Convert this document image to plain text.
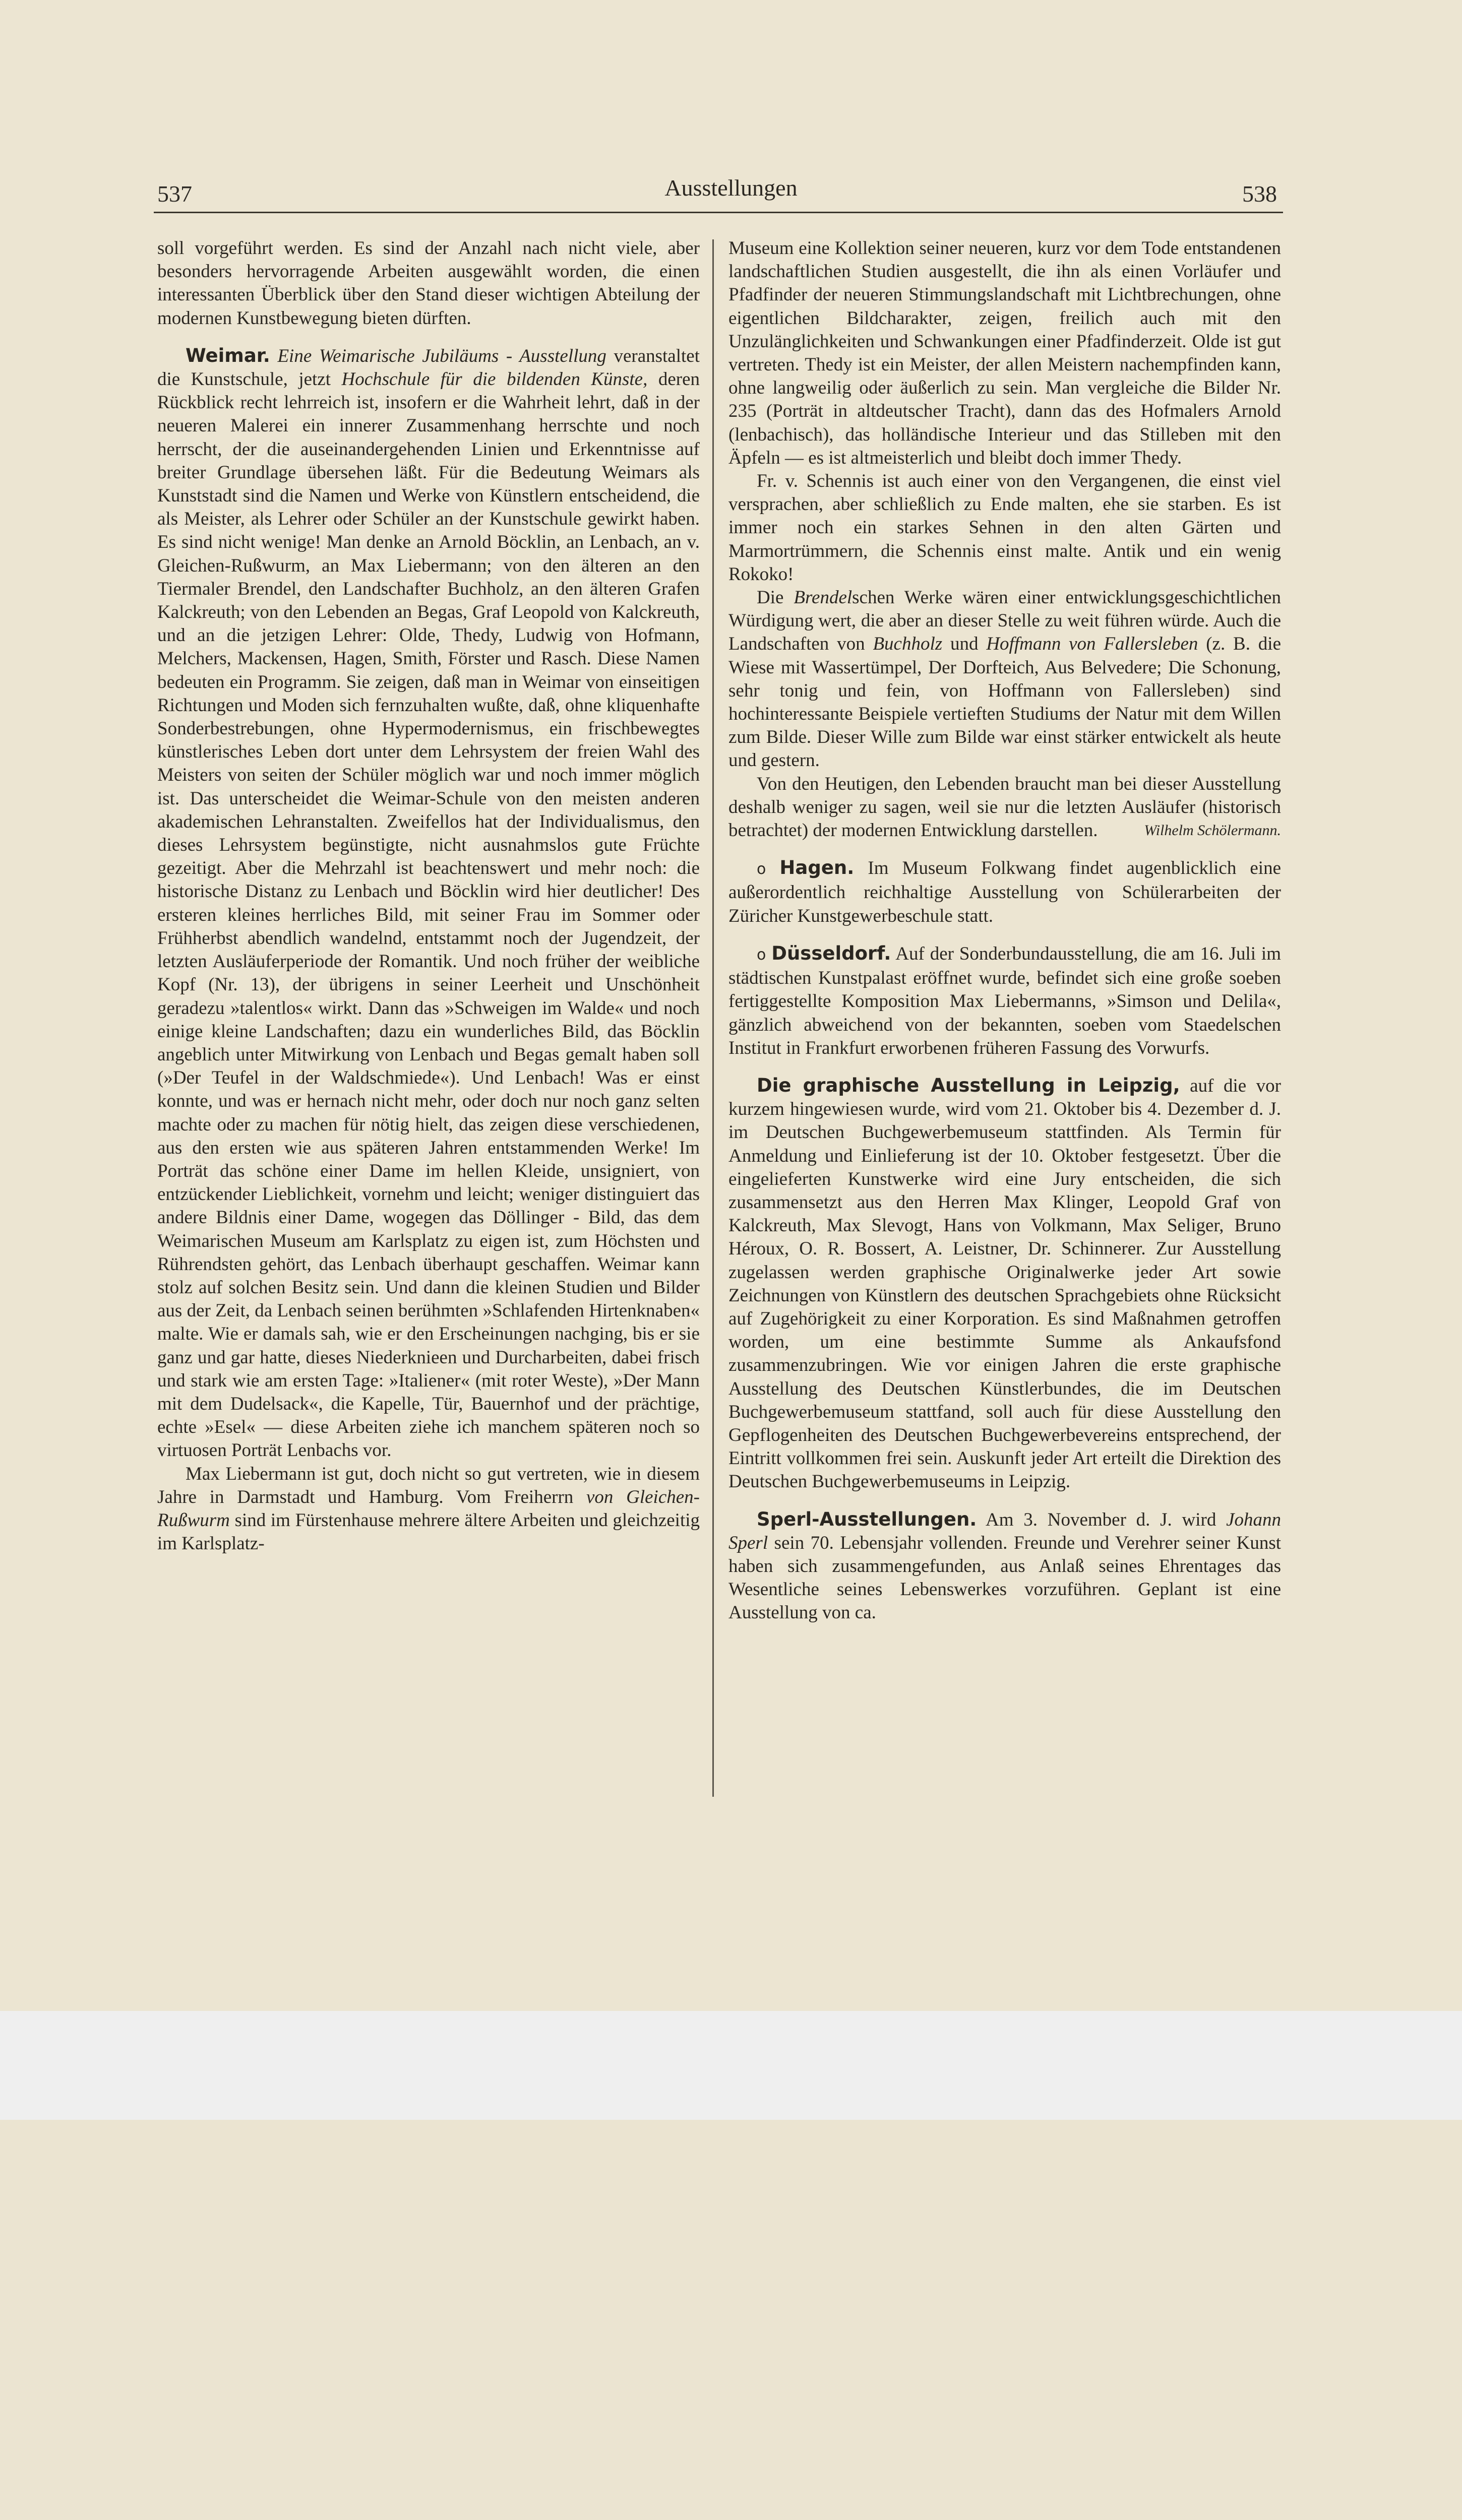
537	Ausstellungen	538

soll vorgeführt werden. Es sind der Anzahl nach nicht viele, aber besonders hervorragende Arbeiten ausgewählt worden, die einen interessanten Überblick über den Stand dieser wichtigen Abteilung der modernen Kunstbewegung bieten dürften.

Weimar. Eine Weimarische Jubiläums - Ausstellung veranstaltet die Kunstschule, jetzt Hochschule für die bildenden Künste, deren Rückblick recht lehrreich ist, insofern er die Wahrheit lehrt, daß in der neueren Malerei ein innerer Zusammenhang herrschte und noch herrscht, der die auseinandergehenden Linien und Erkenntnisse auf breiter Grundlage übersehen läßt. Für die Bedeutung Weimars als Kunststadt sind die Namen und Werke von Künstlern entscheidend, die als Meister, als Lehrer oder Schüler an der Kunstschule gewirkt haben. Es sind nicht wenige! Man denke an Arnold Böcklin, an Lenbach, an v. Gleichen-Rußwurm, an Max Liebermann; von den älteren an den Tiermaler Brendel, den Landschafter Buchholz, an den älteren Grafen Kalckreuth; von den Lebenden an Begas, Graf Leopold von Kalckreuth, und an die jetzigen Lehrer: Olde, Thedy, Ludwig von Hofmann, Melchers, Mackensen, Hagen, Smith, Förster und Rasch. Diese Namen bedeuten ein Programm. Sie zeigen, daß man in Weimar von einseitigen Richtungen und Moden sich fernzuhalten wußte, daß, ohne kliquenhafte Sonderbestrebungen, ohne Hypermodernismus, ein frischbewegtes künstlerisches Leben dort unter dem Lehrsystem der freien Wahl des Meisters von seiten der Schüler möglich war und noch immer möglich ist. Das unterscheidet die Weimar-Schule von den meisten anderen akademischen Lehranstalten. Zweifellos hat der Individualismus, den dieses Lehrsystem begünstigte, nicht ausnahmslos gute Früchte gezeitigt. Aber die Mehrzahl ist beachtenswert und mehr noch: die historische Distanz zu Lenbach und Böcklin wird hier deutlicher! Des ersteren kleines herrliches Bild, mit seiner Frau im Sommer oder Frühherbst abendlich wandelnd, entstammt noch der Jugendzeit, der letzten Ausläuferperiode der Romantik. Und noch früher der weibliche Kopf (Nr. 13), der übrigens in seiner Leerheit und Unschönheit geradezu »talentlos« wirkt. Dann das »Schweigen im Walde« und noch einige kleine Landschaften; dazu ein wunderliches Bild, das Böcklin angeblich unter Mitwirkung von Lenbach und Begas gemalt haben soll (»Der Teufel in der Waldschmiede«). Und Lenbach! Was er einst konnte, und was er hernach nicht mehr, oder doch nur noch ganz selten machte oder zu machen für nötig hielt, das zeigen diese verschiedenen, aus den ersten wie aus späteren Jahren entstammenden Werke! Im Porträt das schöne einer Dame im hellen Kleide, unsigniert, von entzückender Lieblichkeit, vornehm und leicht; weniger distinguiert das andere Bildnis einer Dame, wogegen das Döllinger - Bild, das dem Weimarischen Museum am Karlsplatz zu eigen ist, zum Höchsten und Rührendsten gehört, das Lenbach überhaupt geschaffen. Weimar kann stolz auf solchen Besitz sein. Und dann die kleinen Studien und Bilder aus der Zeit, da Lenbach seinen berühmten »Schlafenden Hirtenknaben« malte. Wie er damals sah, wie er den Erscheinungen nachging, bis er sie ganz und gar hatte, dieses Niederknieen und Durcharbeiten, dabei frisch und stark wie am ersten Tage: »Italiener« (mit roter Weste), »Der Mann mit dem Dudelsack«, die Kapelle, Tür, Bauernhof und der prächtige, echte »Esel« — diese Arbeiten ziehe ich manchem späteren noch so virtuosen Porträt Lenbachs vor.

Max Liebermann ist gut, doch nicht so gut vertreten, wie in diesem Jahre in Darmstadt und Hamburg. Vom Freiherrn von Gleichen-Rußwurm sind im Fürstenhause mehrere ältere Arbeiten und gleichzeitig im Karlsplatz-

Museum eine Kollektion seiner neueren, kurz vor dem Tode entstandenen landschaftlichen Studien ausgestellt, die ihn als einen Vorläufer und Pfadfinder der neueren Stimmungslandschaft mit Lichtbrechungen, ohne eigentlichen Bildcharakter, zeigen, freilich auch mit den Unzulänglichkeiten und Schwankungen einer Pfadfinderzeit. Olde ist gut vertreten. Thedy ist ein Meister, der allen Meistern nachempfinden kann, ohne langweilig oder äußerlich zu sein. Man vergleiche die Bilder Nr. 235 (Porträt in altdeutscher Tracht), dann das des Hofmalers Arnold (lenbachisch), das holländische Interieur und das Stilleben mit den Äpfeln — es ist altmeisterlich und bleibt doch immer Thedy.

Fr. v. Schennis ist auch einer von den Vergangenen, die einst viel versprachen, aber schließlich zu Ende malten, ehe sie starben. Es ist immer noch ein starkes Sehnen in den alten Gärten und Marmortrümmern, die Schennis einst malte. Antik und ein wenig Rokoko!

Die Brendelschen Werke wären einer entwicklungsgeschichtlichen Würdigung wert, die aber an dieser Stelle zu weit führen würde. Auch die Landschaften von Buchholz und Hoffmann von Fallersleben (z. B. die Wiese mit Wassertümpel, Der Dorfteich, Aus Belvedere; Die Schonung, sehr tonig und fein, von Hoffmann von Fallersleben) sind hochinteressante Beispiele vertieften Studiums der Natur mit dem Willen zum Bilde. Dieser Wille zum Bilde war einst stärker entwickelt als heute und gestern.

Von den Heutigen, den Lebenden braucht man bei dieser Ausstellung deshalb weniger zu sagen, weil sie nur die letzten Ausläufer (historisch betrachtet) der modernen Entwicklung darstellen.	Wilhelm Schölermann.

o Hagen. Im Museum Folkwang findet augenblicklich eine außerordentlich reichhaltige Ausstellung von Schülerarbeiten der Züricher Kunstgewerbeschule statt.

o Düsseldorf. Auf der Sonderbundausstellung, die am 16. Juli im städtischen Kunstpalast eröffnet wurde, befindet sich eine große soeben fertiggestellte Komposition Max Liebermanns, »Simson und Delila«, gänzlich abweichend von der bekannten, soeben vom Staedelschen Institut in Frankfurt erworbenen früheren Fassung des Vorwurfs.

Die graphische Ausstellung in Leipzig, auf die vor kurzem hingewiesen wurde, wird vom 21. Oktober bis 4. Dezember d. J. im Deutschen Buchgewerbemuseum stattfinden. Als Termin für Anmeldung und Einlieferung ist der 10. Oktober festgesetzt. Über die eingelieferten Kunstwerke wird eine Jury entscheiden, die sich zusammensetzt aus den Herren Max Klinger, Leopold Graf von Kalckreuth, Max Slevogt, Hans von Volkmann, Max Seliger, Bruno Héroux, O. R. Bossert, A. Leistner, Dr. Schinnerer. Zur Ausstellung zugelassen werden graphische Originalwerke jeder Art sowie Zeichnungen von Künstlern des deutschen Sprachgebiets ohne Rücksicht auf Zugehörigkeit zu einer Korporation. Es sind Maßnahmen getroffen worden, um eine bestimmte Summe als Ankaufsfond zusammenzubringen. Wie vor einigen Jahren die erste graphische Ausstellung des Deutschen Künstlerbundes, die im Deutschen Buchgewerbemuseum stattfand, soll auch für diese Ausstellung den Gepflogenheiten des Deutschen Buchgewerbevereins entsprechend, der Eintritt vollkommen frei sein. Auskunft jeder Art erteilt die Direktion des Deutschen Buchgewerbemuseums in Leipzig.

Sperl-Ausstellungen. Am 3. November d. J. wird Johann Sperl sein 70. Lebensjahr vollenden. Freunde und Verehrer seiner Kunst haben sich zusammengefunden, aus Anlaß seines Ehrentages das Wesentliche seines Lebenswerkes vorzuführen. Geplant ist eine Ausstellung von ca.
